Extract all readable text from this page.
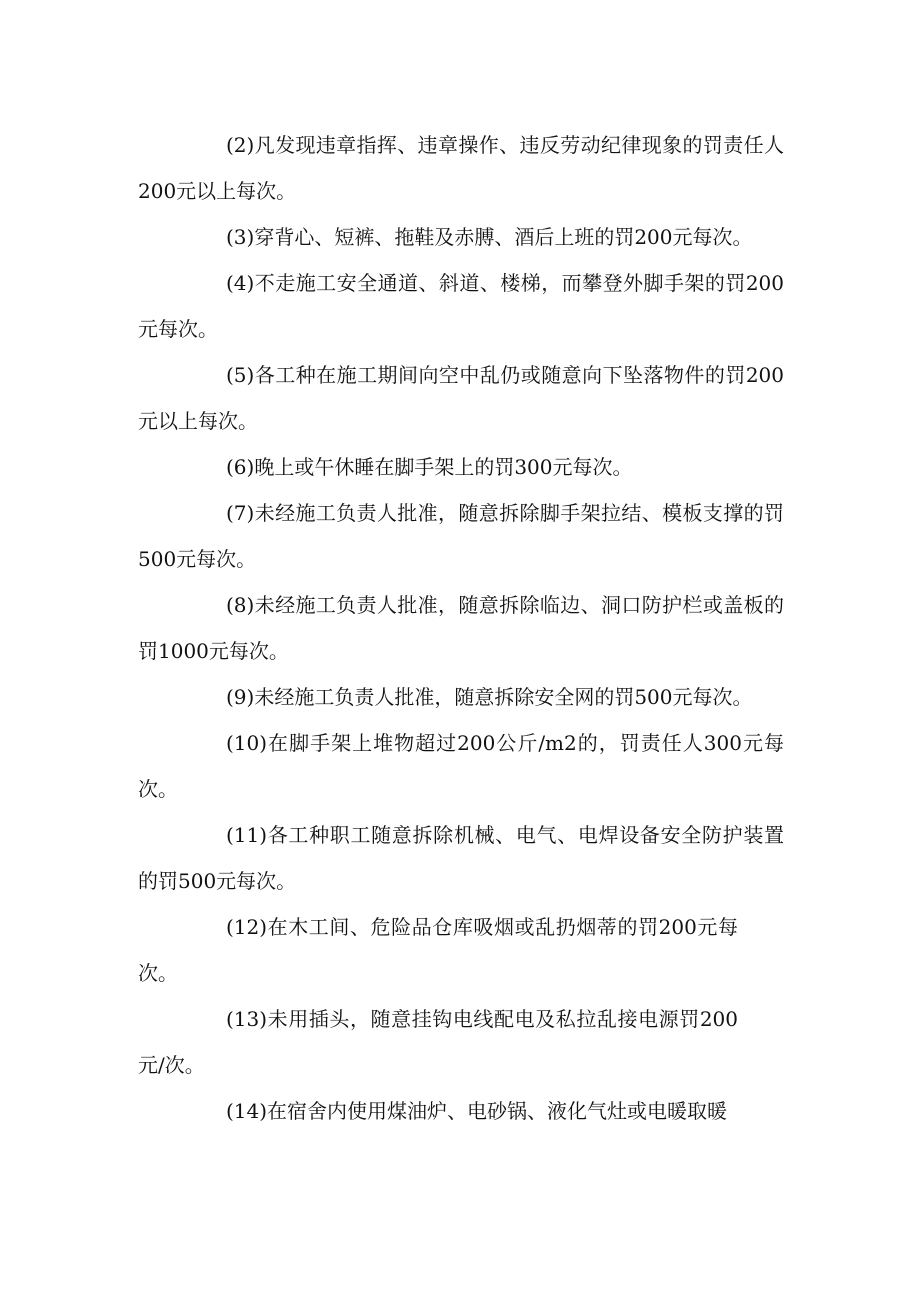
(2)凡发现违章指挥、违章操作、违反劳动纪律现象的罚责任人200元以上每次。

(3)穿背心、短裤、拖鞋及赤膊、酒后上班的罚200元每次。

(4)不走施工安全通道、斜道、楼梯，而攀登外脚手架的罚200元每次。

(5)各工种在施工期间向空中乱仍或随意向下坠落物件的罚200元以上每次。

(6)晚上或午休睡在脚手架上的罚300元每次。

(7)未经施工负责人批准，随意拆除脚手架拉结、模板支撑的罚500元每次。

(8)未经施工负责人批准，随意拆除临边、洞口防护栏或盖板的罚1000元每次。

(9)未经施工负责人批准，随意拆除安全网的罚500元每次。

(10)在脚手架上堆物超过200公斤/m2的，罚责任人300元每次。

(11)各工种职工随意拆除机械、电气、电焊设备安全防护装置的罚500元每次。

(12)在木工间、危险品仓库吸烟或乱扔烟蒂的罚200元每次。

(13)未用插头，随意挂钩电线配电及私拉乱接电源罚200元/次。

(14)在宿舍内使用煤油炉、电砂锅、液化气灶或电暖取暖
